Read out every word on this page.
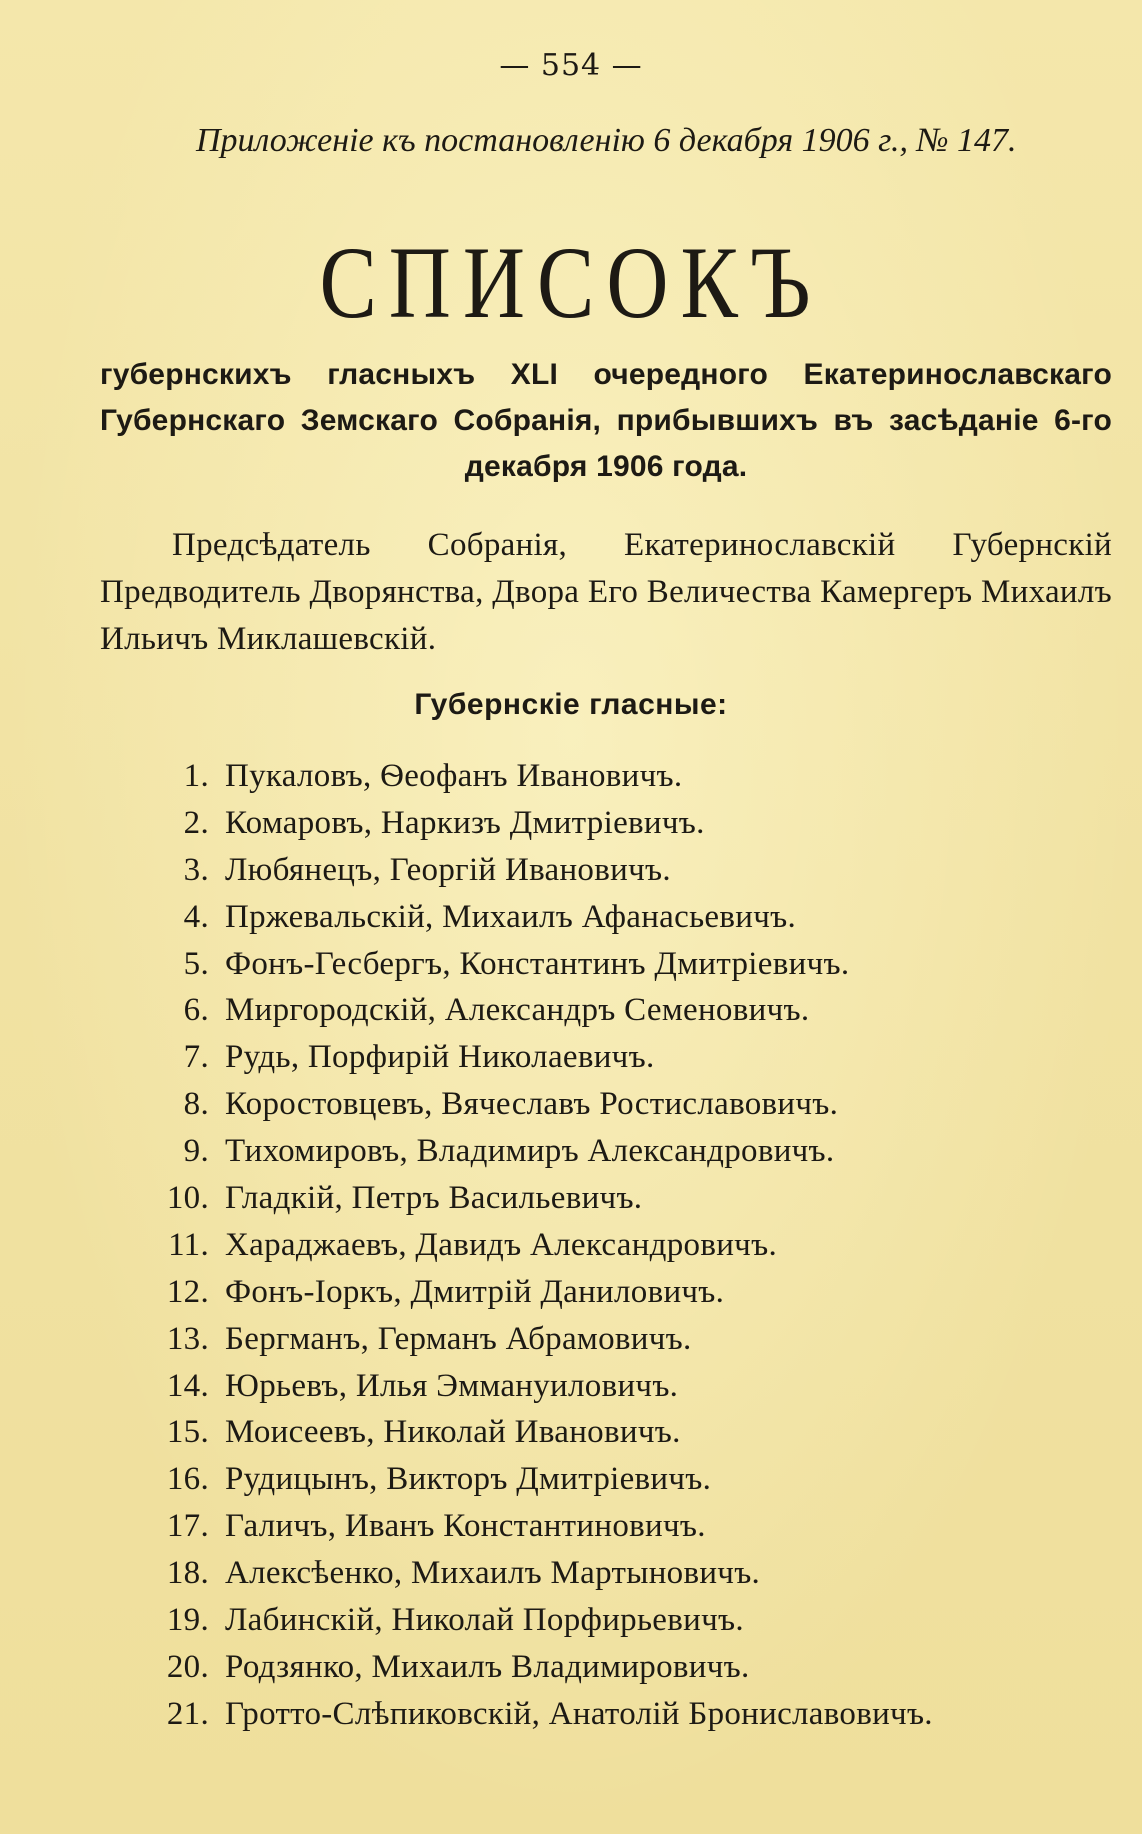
— 554 —
Приложеніе къ постановленію 6 декабря 1906 г., № 147.
СПИСОКЪ
губернскихъ гласныхъ XLI очередного Екатеринославскаго Губернскаго Земскаго Собранія, прибывшихъ въ засѣданіе 6-го декабря 1906 года.
Предсѣдатель Собранія, Екатеринославскій Губернскій Предводитель Дворянства, Двора Его Величества Камергеръ Михаилъ Ильичъ Миклашевскій.
Губернскіе гласные:
1. Пукаловъ, Ѳеофанъ Ивановичъ.
2. Комаровъ, Наркизъ Дмитріевичъ.
3. Любянецъ, Георгій Ивановичъ.
4. Пржевальскій, Михаилъ Афанасьевичъ.
5. Фонъ-Гесбергъ, Константинъ Дмитріевичъ.
6. Миргородскій, Александръ Семеновичъ.
7. Рудь, Порфирій Николаевичъ.
8. Коростовцевъ, Вячеславъ Ростиславовичъ.
9. Тихомировъ, Владимиръ Александровичъ.
10. Гладкій, Петръ Васильевичъ.
11. Хараджаевъ, Давидъ Александровичъ.
12. Фонъ-Іоркъ, Дмитрій Даниловичъ.
13. Бергманъ, Германъ Абрамовичъ.
14. Юрьевъ, Илья Эммануиловичъ.
15. Моисеевъ, Николай Ивановичъ.
16. Рудицынъ, Викторъ Дмитріевичъ.
17. Галичъ, Иванъ Константиновичъ.
18. Алексѣенко, Михаилъ Мартыновичъ.
19. Лабинскій, Николай Порфирьевичъ.
20. Родзянко, Михаилъ Владимировичъ.
21. Гротто-Слѣпиковскій, Анатолій Брониславовичъ.
